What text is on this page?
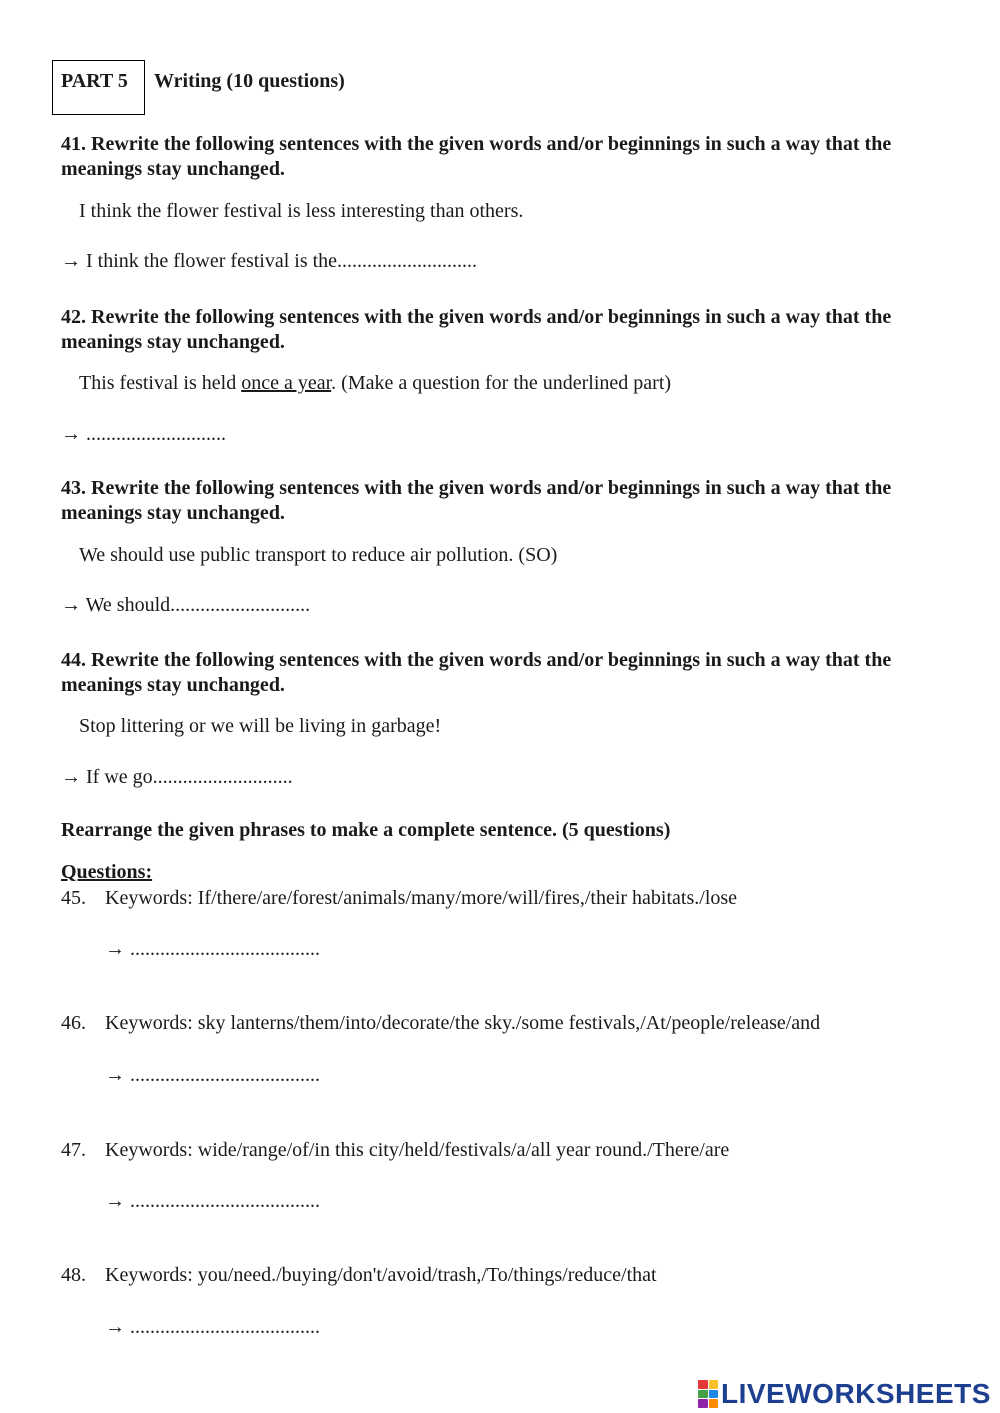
PART 5 Writing (10 questions)
41. Rewrite the following sentences with the given words and/or beginnings in such a way that the meanings stay unchanged.
I think the flower festival is less interesting than others.
→ I think the flower festival is the............................
42. Rewrite the following sentences with the given words and/or beginnings in such a way that the meanings stay unchanged.
This festival is held once a year. (Make a question for the underlined part)
→ ............................
43. Rewrite the following sentences with the given words and/or beginnings in such a way that the meanings stay unchanged.
We should use public transport to reduce air pollution. (SO)
→ We should............................
44. Rewrite the following sentences with the given words and/or beginnings in such a way that the meanings stay unchanged.
Stop littering or we will be living in garbage!
→ If we go............................
Rearrange the given phrases to make a complete sentence. (5 questions)
Questions:
45. Keywords: If/there/are/forest/animals/many/more/will/fires,/their habitats./lose
→ ......................................
46. Keywords: sky lanterns/them/into/decorate/the sky./some festivals,/At/people/release/and
→ ......................................
47. Keywords: wide/range/of/in this city/held/festivals/a/all year round./There/are
→ ......................................
48. Keywords: you/need./buying/don't/avoid/trash,/To/things/reduce/that
→ ......................................
LIVEWORKSHEETS
